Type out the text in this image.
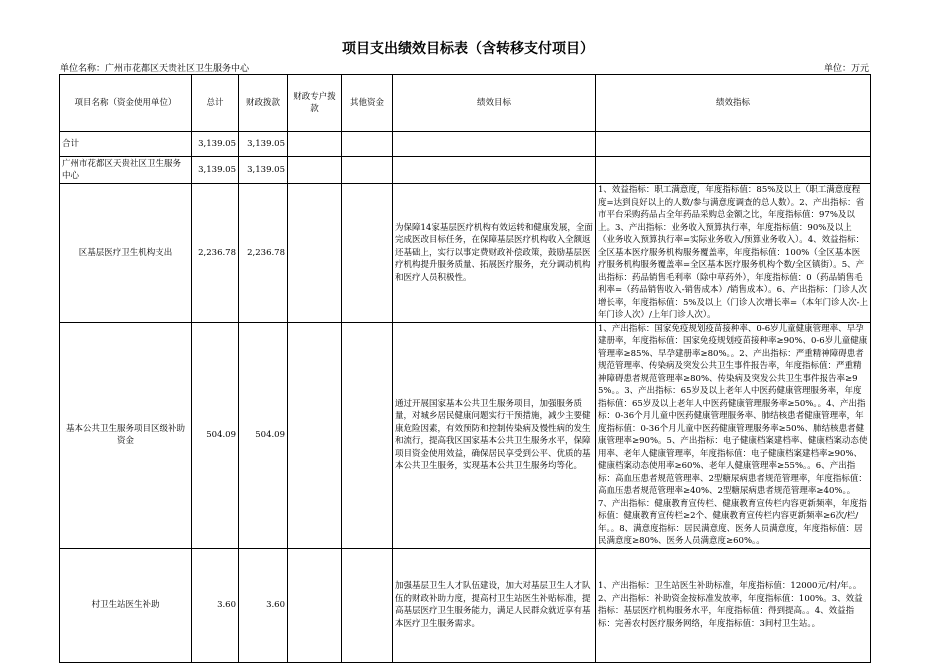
项目支出绩效目标表（含转移支付项目）
单位名称：广州市花都区天贵社区卫生服务中心	单位：万元
项目名称（资金使用单位）	总计	财政拨款	财政专户拨款	其他资金	绩效目标	绩效指标
合计	3,139.05	3,139.05				
广州市花都区天贵社区卫生服务中心	3,139.05	3,139.05				
区基层医疗卫生机构支出	2,236.78	2,236.78			为保障14家基层医疗机构有效运转和健康发展，全面完成医改目标任务，在保障基层医疗机构收入全额返还基础上，实行以事定费财政补偿政策，鼓励基层医疗机构提升服务质量、拓展医疗服务，充分调动机构和医疗人员积极性。	1、效益指标：职工满意度，年度指标值：85%及以上（职工满意度程度=达到良好以上的人数/参与满意度调查的总人数）。2、产出指标：省市平台采购药品占全年药品采购总金额之比，年度指标值：97%及以上。3、产出指标：业务收入预算执行率，年度指标值：90%及以上（业务收入预算执行率=实际业务收入/预算业务收入）。4、效益指标：全区基本医疗服务机构服务覆盖率，年度指标值：100%（全区基本医疗服务机构服务覆盖率=全区基本医疗服务机构个数/全区镇街）。5、产出指标：药品销售毛利率（除中草药外），年度指标值：0（药品销售毛利率=（药品销售收入-销售成本）/销售成本）。6、产出指标：门诊人次增长率，年度指标值：5%及以上（门诊人次增长率=（本年门诊人次-上年门诊人次）/上年门诊人次）。
基本公共卫生服务项目区级补助资金	504.09	504.09			通过开展国家基本公共卫生服务项目，加强服务质量，对城乡居民健康问题实行干预措施，减少主要健康危险因素，有效预防和控制传染病及慢性病的发生和流行，提高我区国家基本公共卫生服务水平，保障项目资金使用效益，确保居民享受到公平、优质的基本公共卫生服务，实现基本公共卫生服务均等化。	1、产出指标：国家免疫规划疫苗接种率、0-6岁儿童健康管理率、早孕建册率，年度指标值：国家免疫规划疫苗接种率≥90%、0-6岁儿童健康管理率≥85%、早孕建册率≥80%。。2、产出指标：严重精神障碍患者规范管理率、传染病及突发公共卫生事件报告率，年度指标值：严重精神障碍患者规范管理率≥80%、传染病及突发公共卫生事件报告率≥95%。。3、产出指标：65岁及以上老年人中医药健康管理服务率，年度指标值：65岁及以上老年人中医药健康管理服务率≥50%。。4、产出指标：0-36个月儿童中医药健康管理服务率、肺结核患者健康管理率，年度指标值：0-36个月儿童中医药健康管理服务率≥50%、肺结核患者健康管理率≥90%。5、产出指标：电子健康档案建档率、健康档案动态使用率、老年人健康管理率，年度指标值：电子健康档案建档率≥90%、健康档案动态使用率≥60%、老年人健康管理率≥55%。。6、产出指标：高血压患者规范管理率、2型糖尿病患者规范管理率，年度指标值：高血压患者规范管理率≥40%、2型糖尿病患者规范管理率≥40%。。7、产出指标：健康教育宣传栏、健康教育宣传栏内容更新频率，年度指标值：健康教育宣传栏≥2个、健康教育宣传栏内容更新频率≥6次/栏/年。。8、满意度指标：居民满意度、医务人员满意度，年度指标值：居民满意度≥80%、医务人员满意度≥60%。。
村卫生站医生补助	3.60	3.60			加强基层卫生人才队伍建设，加大对基层卫生人才队伍的财政补助力度，提高村卫生站医生补贴标准，提高基层医疗卫生服务能力，满足人民群众就近享有基本医疗卫生服务需求。	1、产出指标：卫生站医生补助标准，年度指标值：12000元/村/年。。2、产出指标：补助资金按标准发放率，年度指标值：100%。3、效益指标：基层医疗机构服务水平，年度指标值：得到提高。。4、效益指标：完善农村医疗服务网络，年度指标值：3间村卫生站。。
